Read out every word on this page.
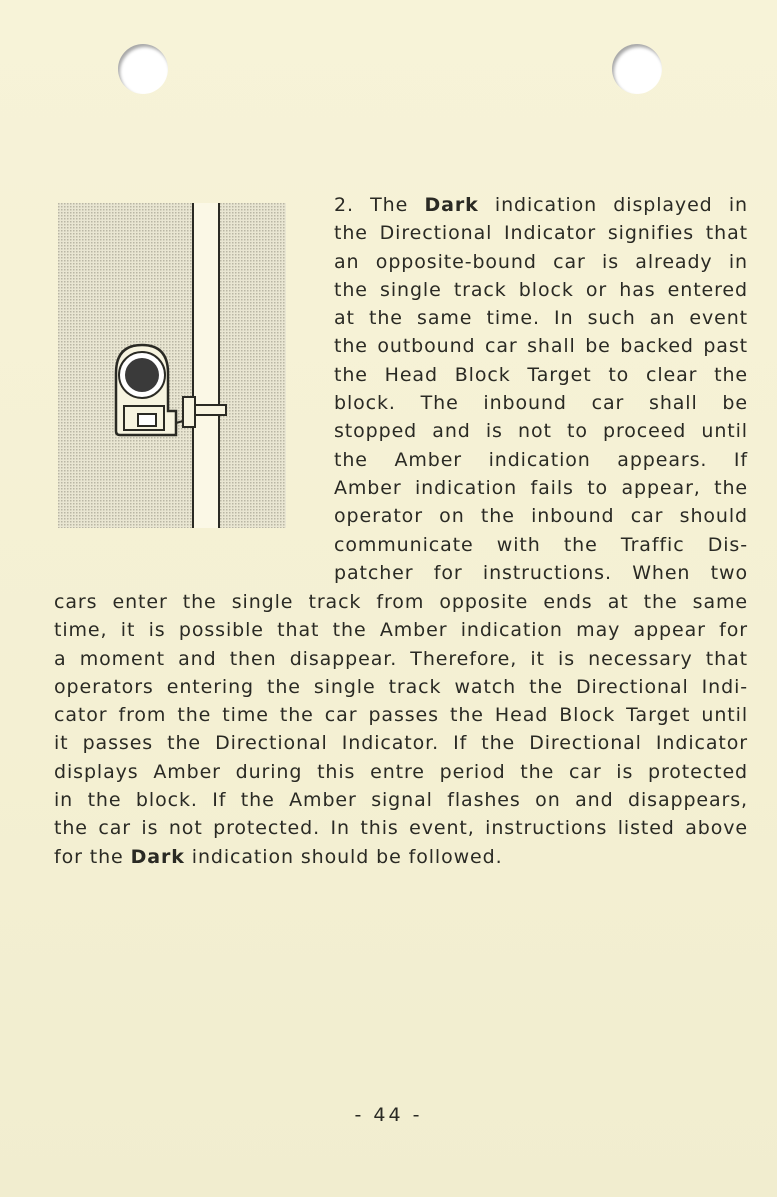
2. The Dark indication displayed in
the Directional Indicator signifies that
an opposite-bound car is already in
the single track block or has entered
at the same time. In such an event
the outbound car shall be backed past
the Head Block Target to clear the
block. The inbound car shall be
stopped and is not to proceed until
the Amber indication appears. If
Amber indication fails to appear, the
operator on the inbound car should
communicate with the Traffic Dis-
patcher for instructions. When two
cars enter the single track from opposite ends at the same
time, it is possible that the Amber indication may appear for
a moment and then disappear. Therefore, it is necessary that
operators entering the single track watch the Directional Indi-
cator from the time the car passes the Head Block Target until
it passes the Directional Indicator. If the Directional Indicator
displays Amber during this entre period the car is protected
in the block. If the Amber signal flashes on and disappears,
the car is not protected. In this event, instructions listed above
for the Dark indication should be followed.
- 44 -
